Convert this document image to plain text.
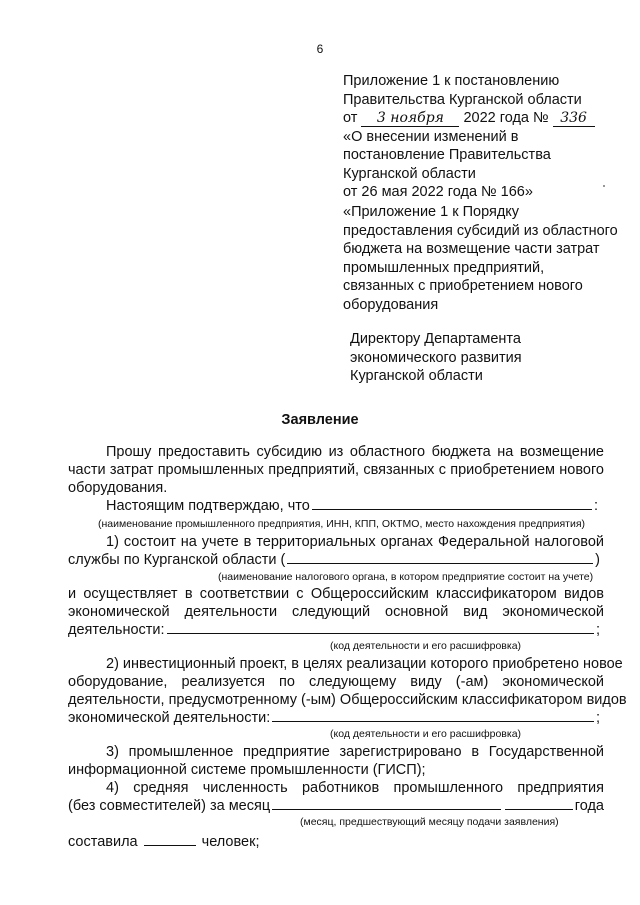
6
Приложение 1 к постановлению
Правительства Курганской области
от 3 ноября 2022 года № 336
«О внесении изменений в
постановление Правительства
Курганской области
от 26 мая 2022 года № 166»
«Приложение 1 к Порядку
предоставления субсидий из областного
бюджета на возмещение части затрат
промышленных предприятий,
связанных с приобретением нового
оборудования
Директору Департамента
экономического развития
Курганской области
Заявление
Прошу предоставить субсидию из областного бюджета на возмещение
части затрат промышленных предприятий, связанных с приобретением нового
оборудования.
Настоящим подтверждаю, что	:
(наименование промышленного предприятия, ИНН, КПП, ОКТМО, место нахождения предприятия)
1) состоит на учете в территориальных органах Федеральной налоговой
службы по Курганской области (	)
(наименование налогового органа, в котором предприятие состоит на учете)
и осуществляет в соответствии с Общероссийским классификатором видов
экономической деятельности следующий основной вид экономической
деятельности:	;
(код деятельности и его расшифровка)
2) инвестиционный проект, в целях реализации которого приобретено новое
оборудование, реализуется по следующему виду (-ам) экономической
деятельности, предусмотренному (-ым) Общероссийским классификатором видов
экономической деятельности:	;
(код деятельности и его расшифровка)
3) промышленное предприятие зарегистрировано в Государственной
информационной системе промышленности (ГИСП);
4) средняя численность работников промышленного предприятия
(без совместителей) за месяц	года
(месяц, предшествующий месяцу подачи заявления)
составила	человек;
